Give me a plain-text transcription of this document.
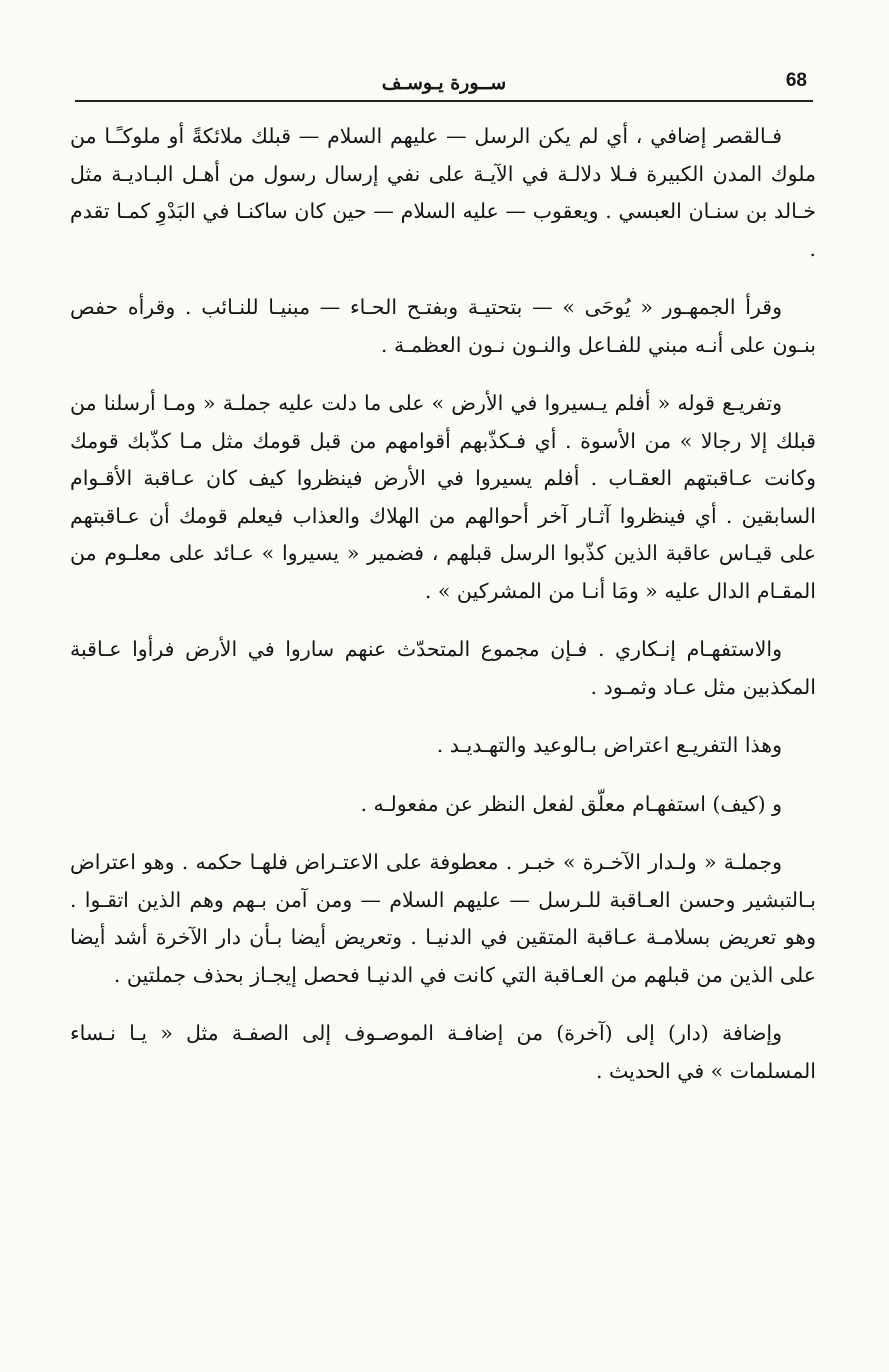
68
ســورة يـوسـف

فـالقصر إضافي ، أي لم يكن الرسل — عليهم السلام — قبلك ملائكةً أو ملوكـًـا من ملوك المدن الكبيرة فـلا دلالـة في الآيـة على نفي إرسال رسول من أهـل البـاديـة مثل خـالد بن سنـان العبسي . ويعقوب — عليه السلام — حين كان ساكنـا في البَدْوِ كمـا تقدم .

وقرأ الجمهـور « يُوحَى » — بتحتيـة وبفتـح الحـاء — مبنيـا للنـائب . وقرأه حفص بنـون على أنـه مبني للفـاعل والنـون نـون العظمـة .

وتفريـع قوله « أفلم يـسيروا في الأرض » على ما دلت عليه جملـة « ومـا أرسلنا من قبلك إلا رجالا » من الأسوة . أي فـكذّبهم أقوامهم من قبل قومك مثل مـا كذّبك قومك وكانت عـاقبتهم العقـاب . أفلم يسيروا في الأرض فينظروا كيف كان عـاقبة الأقـوام السابقين . أي فينظروا آثـار آخر أحوالهم من الهلاك والعذاب فيعلم قومك أن عـاقبتهم على قيـاس عاقبة الذين كذّبوا الرسل قبلهم ، فضمير « يسيروا » عـائد على معلـوم من المقـام الدال عليه « ومَا أنـا من المشركين » .

والاستفهـام إنـكاري . فـإن مجموع المتحدّث عنهم ساروا في الأرض فرأوا عـاقبة المكذبين مثل عـاد وثمـود .

وهذا التفريـع اعتراض بـالوعيد والتهـديـد .

و (كيف) استفهـام معلّق لفعل النظر عن مفعولـه .

وجملـة « ولـدار الآخـرة » خبـر . معطوفة على الاعتـراض فلهـا حكمه . وهو اعتراض بـالتبشير وحسن العـاقبة للـرسل — عليهم السلام — ومن آمن بـهم وهم الذين اتقـوا . وهو تعريض بسلامـة عـاقبة المتقين في الدنيـا . وتعريض أيضا بـأن دار الآخرة أشد أيضا على الذين من قبلهم من العـاقبة التي كانت في الدنيـا فحصل إيجـاز بحذف جملتين .

وإضافة (دار) إلى (آخرة) من إضافـة الموصـوف إلى الصفـة مثل « يـا نـساء المسلمات » في الحديث .
